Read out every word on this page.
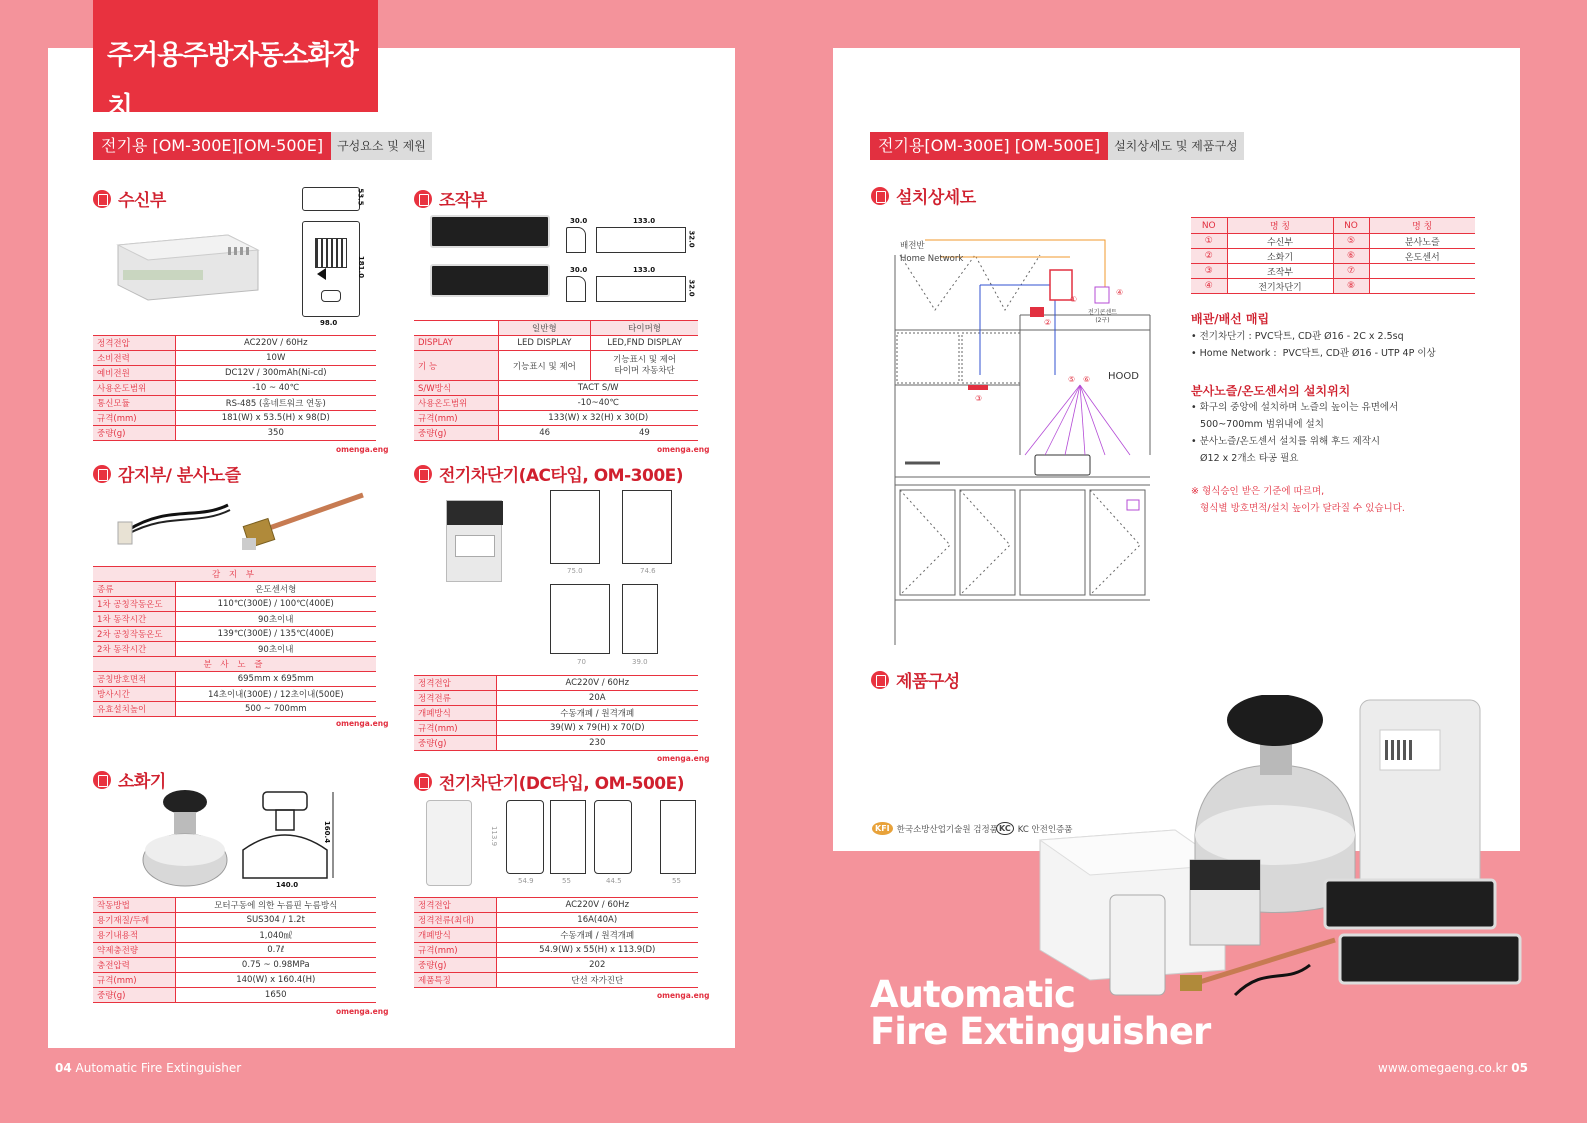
주거용주방자동소화장치
전기용 [OM-300E][OM-500E]	구성요소 및 제원
수신부	53.5
181.0
98.0
정격전압	AC220V / 60Hz
소비전력	10W
예비전원	DC12V / 300mAh(Ni-cd)
사용온도범위	-10 ~ 40℃
통신모듈	RS-485 (홈네트워크 연동)
규격(mm)	181(W) x 53.5(H) x 98(D)
중량(g)	350
omenga.eng
조작부
30.0	133.0
32.0
30.0	133.0
32.0
	일반형	타이머형
DISPLAY	LED DISPLAY	LED,FND DISPLAY
기 능	기능표시 및 제어	기능표시 및 제어
타이머 자동차단
S/W방식	TACT S/W	
사용온도범위	-10~40℃	
규격(mm)	133(W) x 32(H) x 30(D)	
중량(g)	46	49
omenga.eng
감지부/ 분사노즐
감 지 부	
종류	온도센서형
1차 공칭작동온도	110℃(300E) / 100℃(400E)
1차 동작시간	90초이내
2차 공칭작동온도	139℃(300E) / 135℃(400E)
2차 동작시간	90초이내
분 사 노 즐	
공칭방호면적	695mm x 695mm
방사시간	14초이내(300E) / 12초이내(500E)
유효설치높이	500 ~ 700mm
omenga.eng
전기차단기(AC타입, OM-300E)
75.0	74.6
70	39.0
정격전압	AC220V / 60Hz
정격전류	20A
개폐방식	수동개폐 / 원격개폐
규격(mm)	39(W) x 79(H) x 70(D)
중량(g)	230
omenga.eng
소화기
160.4
140.0
작동방법	모터구동에 의한 누름핀 누름방식
용기재질/두께	SUS304 / 1.2t
용기내용적	1,040㎖
약제충전량	0.7ℓ
충전압력	0.75 ~ 0.98MPa
규격(mm)	140(W) x 160.4(H)
중량(g)	1650
omenga.eng
전기차단기(DC타입, OM-500E)
113.9
54.9	55	44.5	55
정격전압	AC220V / 60Hz
정격전류(최대)	16A(40A)
개폐방식	수동개폐 / 원격개폐
규격(mm)	54.9(W) x 55(H) x 113.9(D)
중량(g)	202
제품특징	단선 자가진단
omenga.eng
04 Automatic Fire Extinguisher
전기용[OM-300E] [OM-500E]	설치상세도 및 제품구성
설치상세도
①
②
③
④
⑤ ⑥
배전반
Home Network
전기콘센트
(2구)
HOOD
NO	명 칭	NO	명 칭
①	수신부	⑤	분사노즐
②	소화기	⑥	온도센서
③	조작부	⑦	
④	전기차단기	⑧	
배관/배선 매립
• 전기차단기 : PVC닥트, CD관 Ø16 - 2C x 2.5sq
• Home Network :  PVC닥트, CD관 Ø16 - UTP 4P 이상
분사노즐/온도센서의 설치위치
• 화구의 중앙에 설치하며 노즐의 높이는 유면에서
500~700mm 범위내에 설치
• 분사노즐/온도센서 설치를 위해 후드 제작시
Ø12 x 2개소 타공 필요
※ 형식승인 받은 기준에 따르며,
형식별 방호면적/설치 높이가 달라질 수 있습니다.
제품구성
KFI 한국소방산업기술원 검정품 KC KC 안전인증품
Automatic
Fire Extinguisher
www.omegaeng.co.kr 05
